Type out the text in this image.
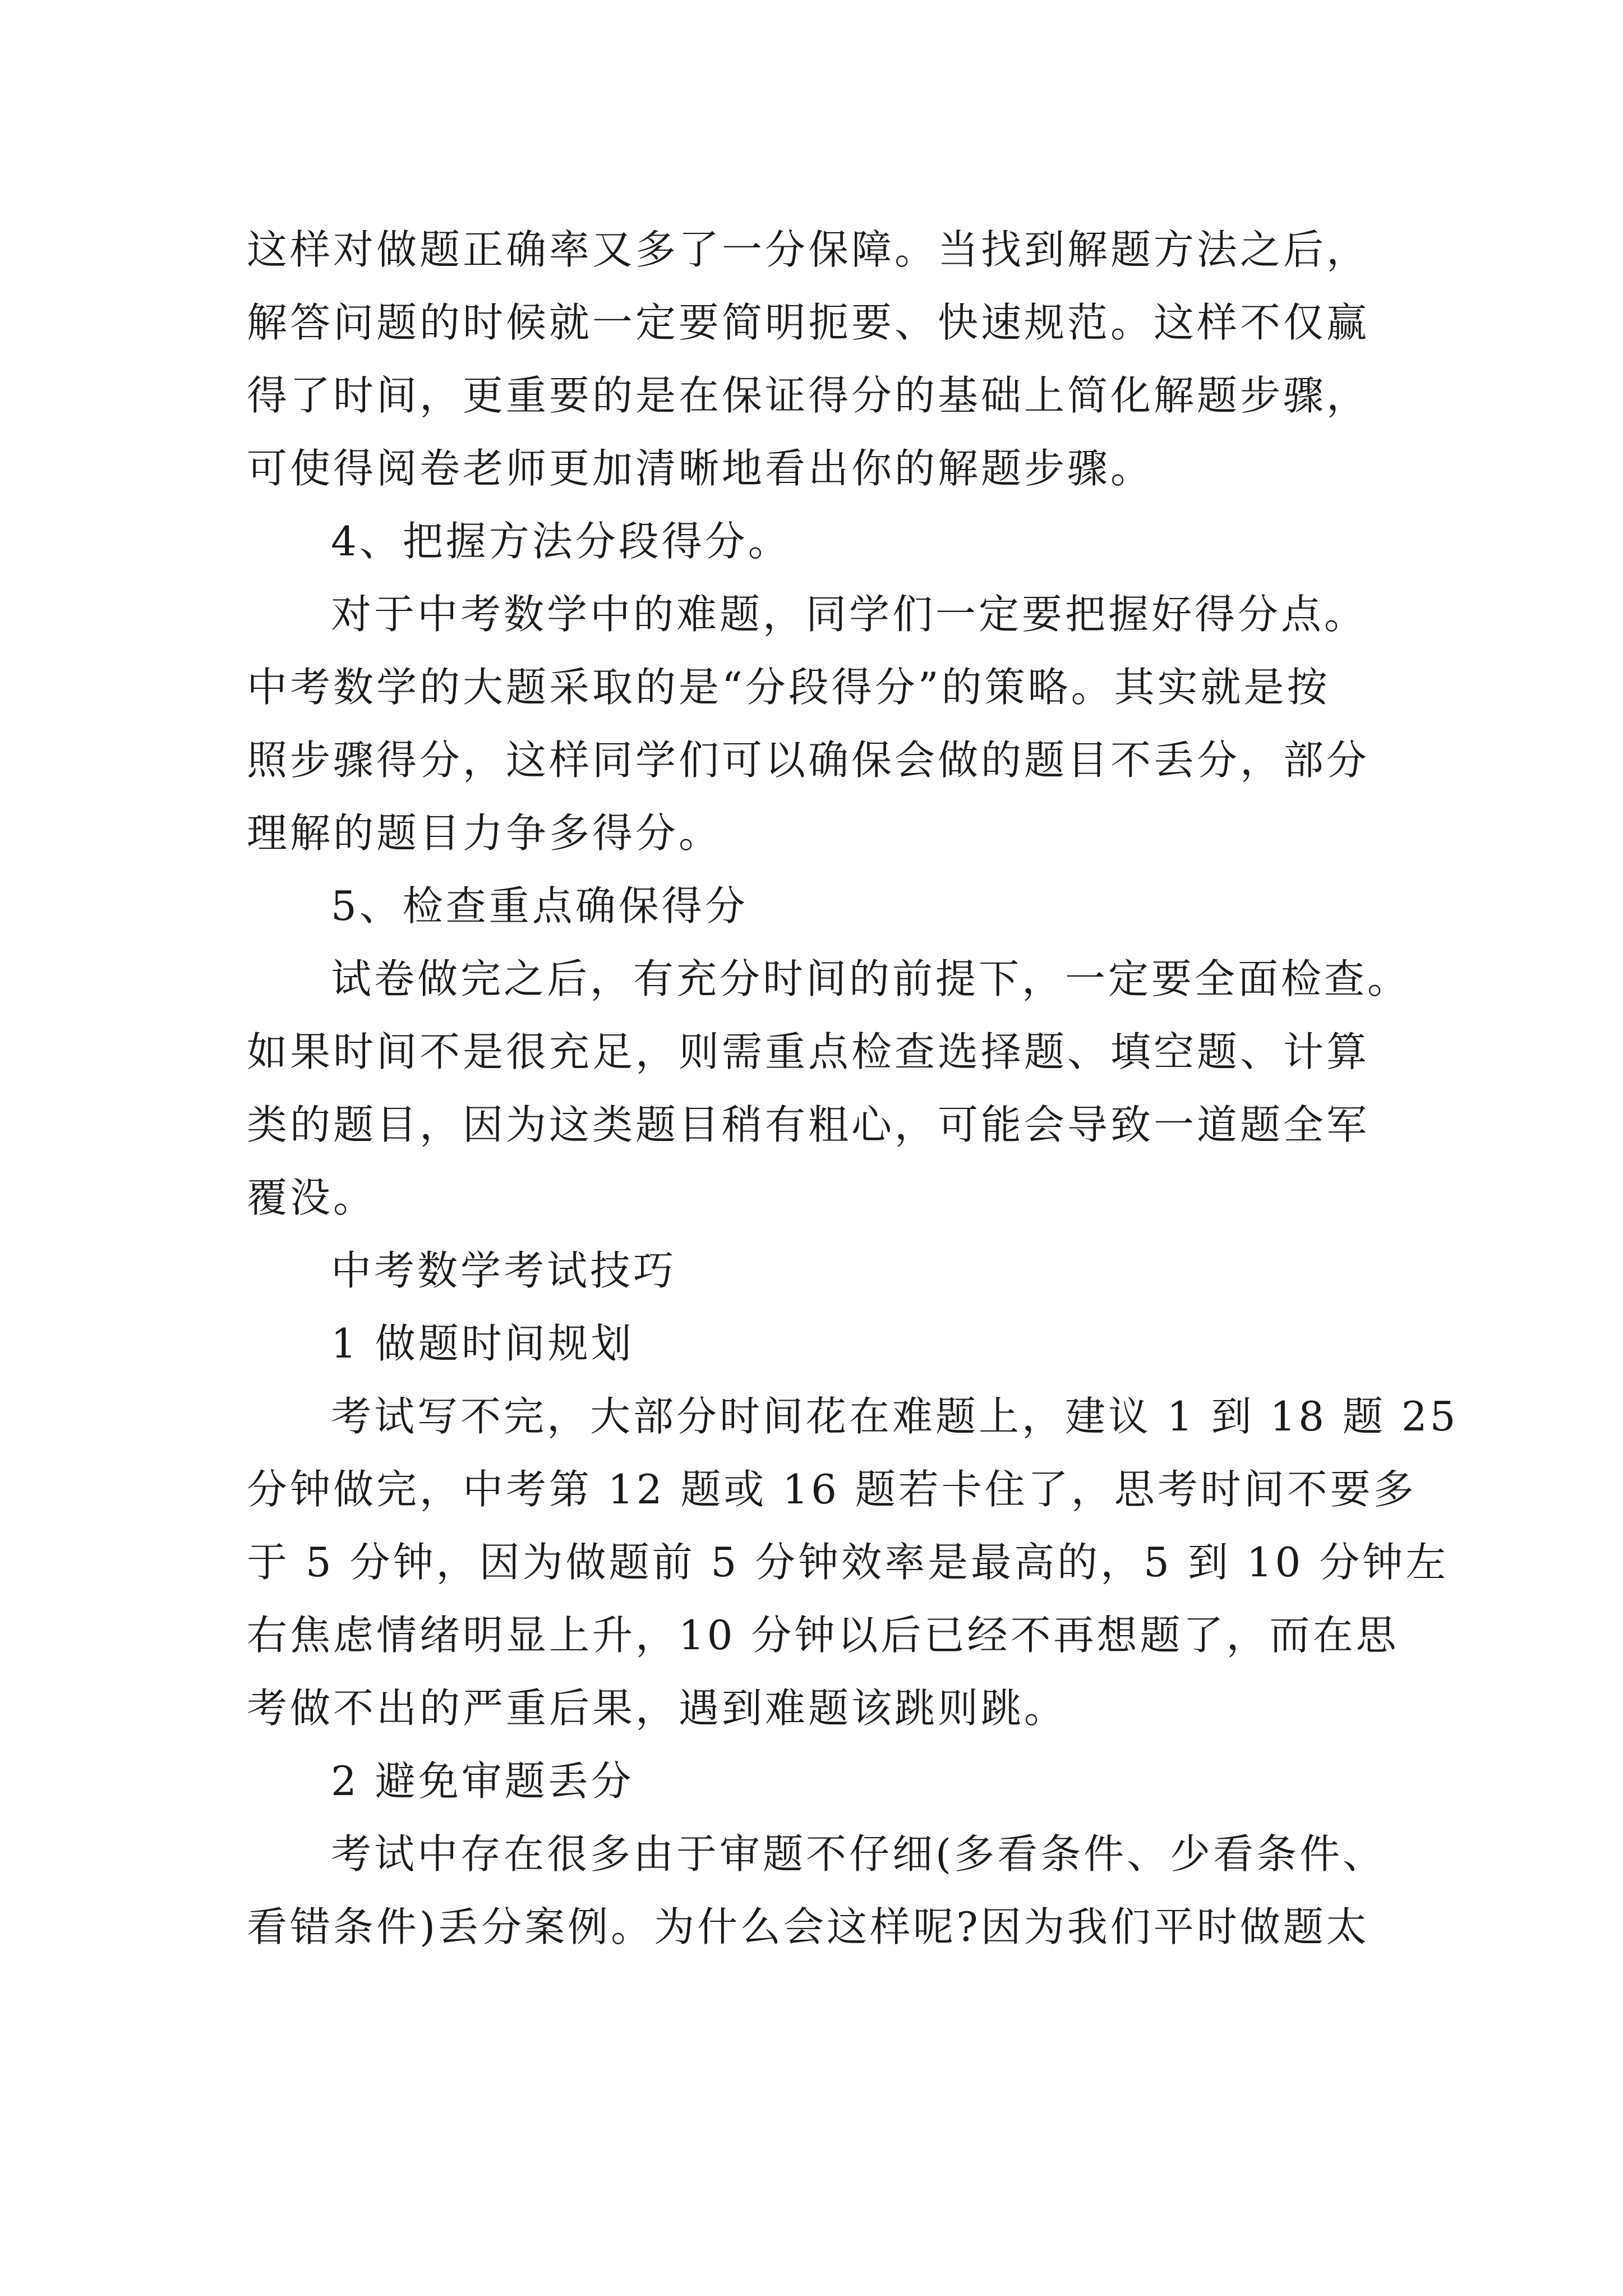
这样对做题正确率又多了一分保障。当找到解题方法之后，
解答问题的时候就一定要简明扼要、快速规范。这样不仅赢
得了时间，更重要的是在保证得分的基础上简化解题步骤，
可使得阅卷老师更加清晰地看出你的解题步骤。
4、把握方法分段得分。
对于中考数学中的难题，同学们一定要把握好得分点。
中考数学的大题采取的是“分段得分”的策略。其实就是按
照步骤得分，这样同学们可以确保会做的题目不丢分，部分
理解的题目力争多得分。
5、检查重点确保得分
试卷做完之后，有充分时间的前提下，一定要全面检查。
如果时间不是很充足，则需重点检查选择题、填空题、计算
类的题目，因为这类题目稍有粗心，可能会导致一道题全军
覆没。
中考数学考试技巧
1 做题时间规划
考试写不完，大部分时间花在难题上，建议 1 到 18 题 25
分钟做完，中考第 12 题或 16 题若卡住了，思考时间不要多
于 5 分钟，因为做题前 5 分钟效率是最高的，5 到 10 分钟左
右焦虑情绪明显上升，10 分钟以后已经不再想题了，而在思
考做不出的严重后果，遇到难题该跳则跳。
2 避免审题丢分
考试中存在很多由于审题不仔细(多看条件、少看条件、
看错条件)丢分案例。为什么会这样呢?因为我们平时做题太
